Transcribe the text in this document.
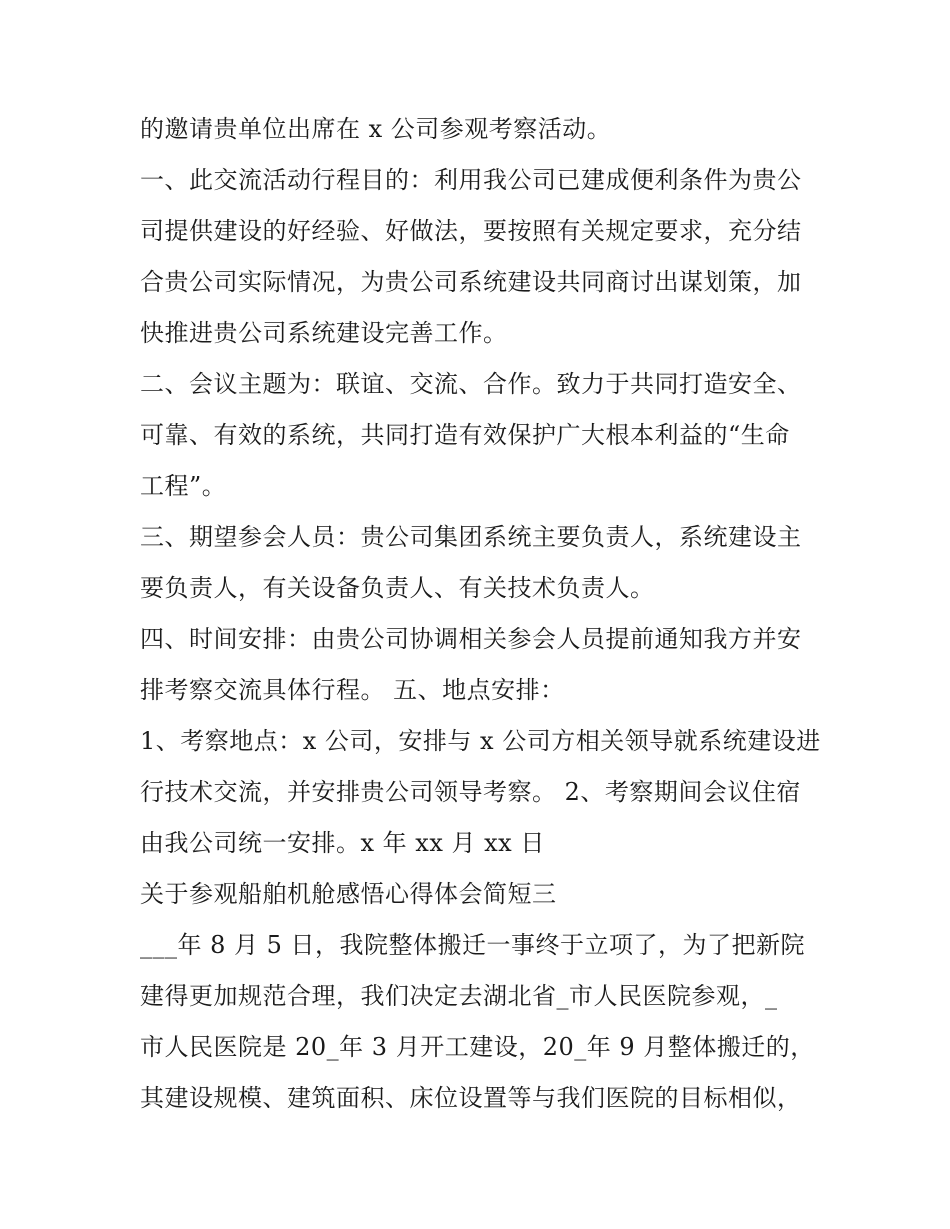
的邀请贵单位出席在 x 公司参观考察活动。
一、此交流活动行程目的：利用我公司已建成便利条件为贵公
司提供建设的好经验、好做法，要按照有关规定要求，充分结
合贵公司实际情况，为贵公司系统建设共同商讨出谋划策，加
快推进贵公司系统建设完善工作。
二、会议主题为：联谊、交流、合作。致力于共同打造安全、
可靠、有效的系统，共同打造有效保护广大根本利益的“生命
工程”。
三、期望参会人员：贵公司集团系统主要负责人，系统建设主
要负责人，有关设备负责人、有关技术负责人。
四、时间安排：由贵公司协调相关参会人员提前通知我方并安
排考察交流具体行程。 五、地点安排：
1、考察地点：x 公司，安排与 x 公司方相关领导就系统建设进
行技术交流，并安排贵公司领导考察。 2、考察期间会议住宿
由我公司统一安排。x 年 xx 月 xx 日
关于参观船舶机舱感悟心得体会简短三
___年 8 月 5 日，我院整体搬迁一事终于立项了，为了把新院
建得更加规范合理，我们决定去湖北省_市人民医院参观，_
市人民医院是 20_年 3 月开工建设，20_年 9 月整体搬迁的，
其建设规模、建筑面积、床位设置等与我们医院的目标相似，
